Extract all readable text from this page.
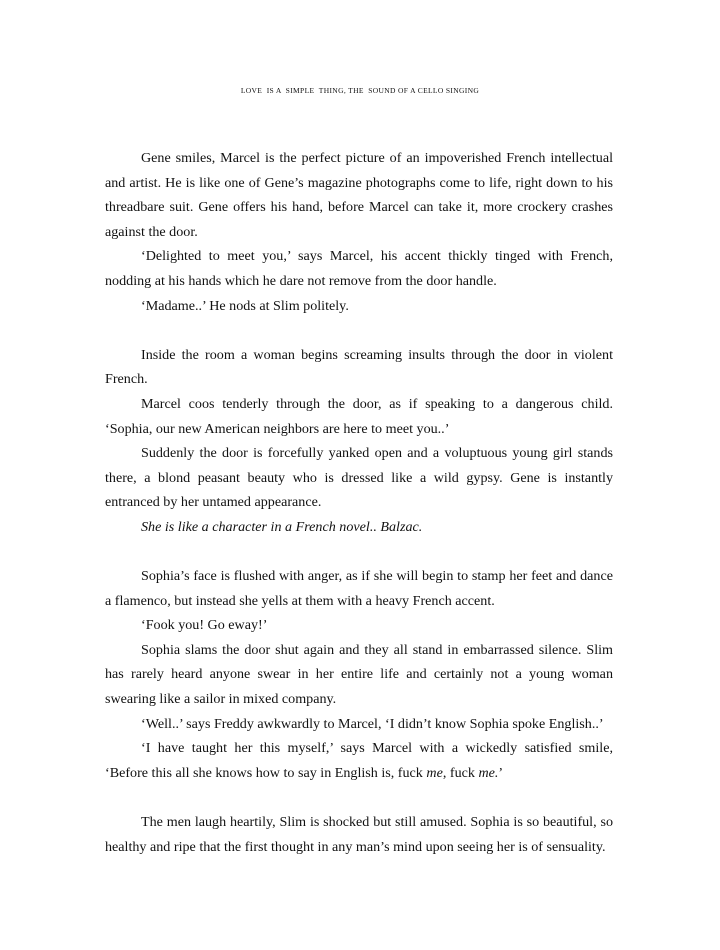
LOVE  IS A  SIMPLE  THING, THE  SOUND OF A CELLO SINGING

Gene smiles, Marcel is the perfect picture of an impoverished French intellectual and artist. He is like one of Gene’s magazine photographs come to life, right down to his threadbare suit. Gene offers his hand, before Marcel can take it, more crockery crashes against the door.

‘Delighted to meet you,’ says Marcel, his accent thickly tinged with French, nodding at his hands which he dare not remove from the door handle.

‘Madame..’ He nods at Slim politely.

Inside the room a woman begins screaming insults through the door in violent French.

Marcel coos tenderly through the door, as if speaking to a dangerous child. ‘Sophia, our new American neighbors are here to meet you..’

Suddenly the door is forcefully yanked open and a voluptuous young girl stands there, a blond peasant beauty who is dressed like a wild gypsy. Gene is instantly entranced by her untamed appearance.

She is like a character in a French novel.. Balzac.

Sophia’s face is flushed with anger, as if she will begin to stamp her feet and dance a flamenco, but instead she yells at them with a heavy French accent.

‘Fook you! Go eway!’

Sophia slams the door shut again and they all stand in embarrassed silence. Slim has rarely heard anyone swear in her entire life and certainly not a young woman swearing like a sailor in mixed company.

‘Well..’ says Freddy awkwardly to Marcel, ‘I didn’t know Sophia spoke English..’

‘I have taught her this myself,’ says Marcel with a wickedly satisfied smile, ‘Before this all she knows how to say in English is, fuck me, fuck me.’

The men laugh heartily, Slim is shocked but still amused. Sophia is so beautiful, so healthy and ripe that the first thought in any man’s mind upon seeing her is of sensuality.
